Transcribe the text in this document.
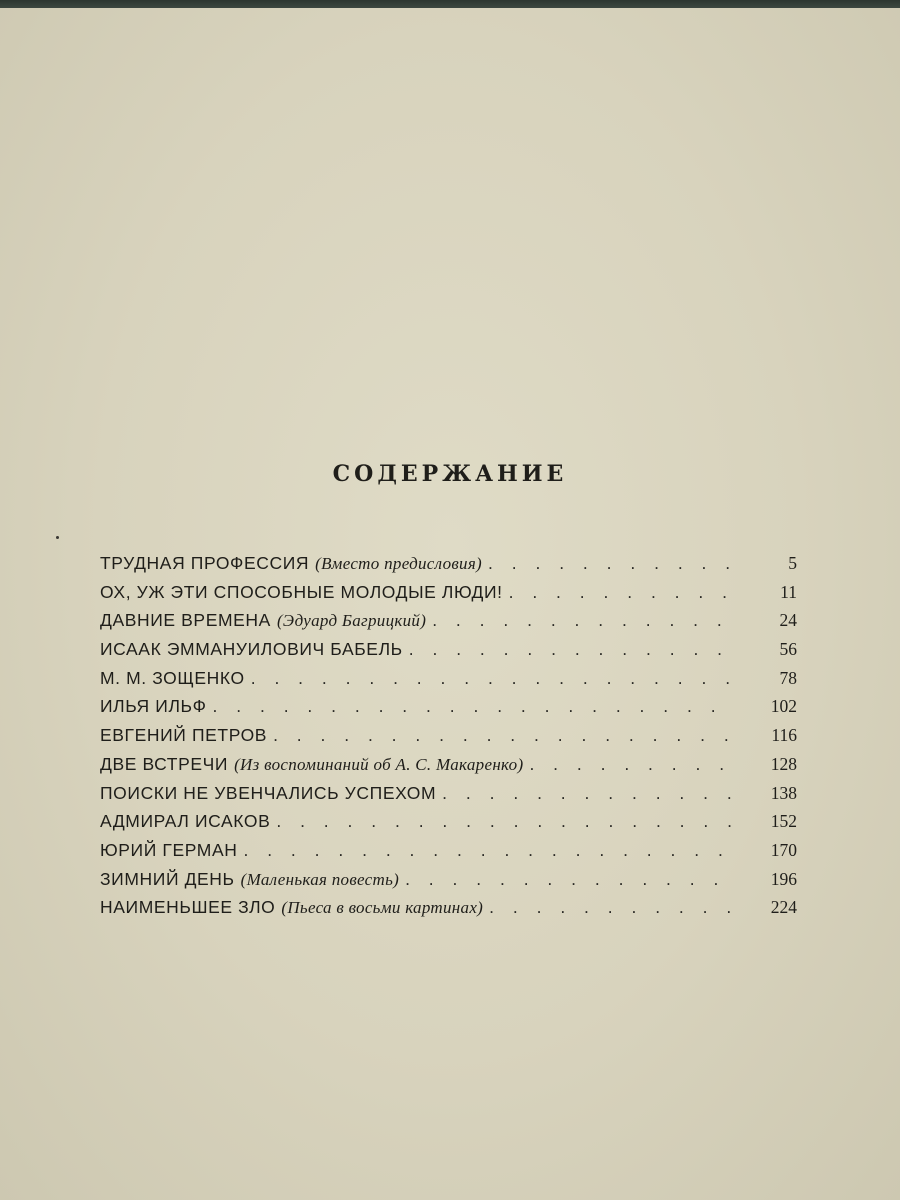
СОДЕРЖАНИЕ
ТРУДНАЯ ПРОФЕССИЯ (Вместо предисловия) . . .	5
ОХ, УЖ ЭТИ СПОСОБНЫЕ МОЛОДЫЕ ЛЮДИ! . . .	11
ДАВНИЕ ВРЕМЕНА (Эдуард Багрицкий) . . .	24
ИСААК ЭММАНУИЛОВИЧ БАБЕЛЬ . . .	56
М. М. ЗОЩЕНКО . . .	78
ИЛЬЯ ИЛЬФ . . .	102
ЕВГЕНИЙ ПЕТРОВ . . .	116
ДВЕ ВСТРЕЧИ (Из воспоминаний об А. С. Макаренко) . . .	128
ПОИСКИ НЕ УВЕНЧАЛИСЬ УСПЕХОМ . . .	138
АДМИРАЛ ИСАКОВ . . .	152
ЮРИЙ ГЕРМАН . . .	170
ЗИМНИЙ ДЕНЬ (Маленькая повесть) . . .	196
НАИМЕНЬШЕЕ ЗЛО (Пьеса в восьми картинах) . . .	224
